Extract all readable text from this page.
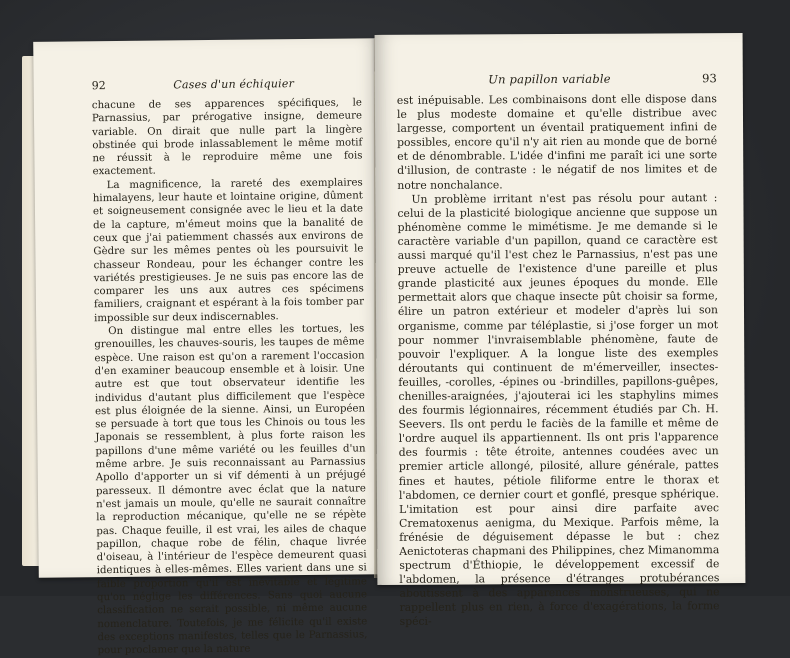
92	Cases d'un échiquier

chacune de ses apparences spécifiques, le Parnassius, par prérogative insigne, demeure variable. On dirait que nulle part la lingère obstinée qui brode inlassablement le même motif ne réussit à le reproduire même une fois exactement.

La magnificence, la rareté des exemplaires himalayens, leur haute et lointaine origine, dûment et soigneusement consignée avec le lieu et la date de la capture, m'émeut moins que la banalité de ceux que j'ai patiemment chassés aux environs de Gèdre sur les mêmes pentes où les poursuivit le chasseur Rondeau, pour les échanger contre les variétés prestigieuses. Je ne suis pas encore las de comparer les uns aux autres ces spécimens familiers, craignant et espérant à la fois tomber par impossible sur deux indiscernables.

On distingue mal entre elles les tortues, les grenouilles, les chauves-souris, les taupes de même espèce. Une raison est qu'on a rarement l'occasion d'en examiner beaucoup ensemble et à loisir. Une autre est que tout observateur identifie les individus d'autant plus difficilement que l'espèce est plus éloignée de la sienne. Ainsi, un Européen se persuade à tort que tous les Chinois ou tous les Japonais se ressemblent, à plus forte raison les papillons d'une même variété ou les feuilles d'un même arbre. Je suis reconnaissant au Parnassius Apollo d'apporter un si vif démenti à un préjugé paresseux. Il démontre avec éclat que la nature n'est jamais un moule, qu'elle ne saurait connaître la reproduction mécanique, qu'elle ne se répète pas. Chaque feuille, il est vrai, les ailes de chaque papillon, chaque robe de félin, chaque livrée d'oiseau, à l'intérieur de l'espèce demeurent quasi identiques à elles-mêmes. Elles varient dans une si faible proportion qu'il est inévitable et légitime qu'on néglige les différences. Sans quoi aucune classification ne serait possible, ni même aucune nomenclature. Toutefois, je me félicite qu'il existe des exceptions manifestes, telles que le Parnassius, pour proclamer que la nature

Un papillon variable	93

est inépuisable. Les combinaisons dont elle dispose dans le plus modeste domaine et qu'elle distribue avec largesse, comportent un éventail pratiquement infini de possibles, encore qu'il n'y ait rien au monde que de borné et de dénombrable. L'idée d'infini me paraît ici une sorte d'illusion, de contraste : le négatif de nos limites et de notre nonchalance.

Un problème irritant n'est pas résolu pour autant : celui de la plasticité biologique ancienne que suppose un phénomène comme le mimétisme. Je me demande si le caractère variable d'un papillon, quand ce caractère est aussi marqué qu'il l'est chez le Parnassius, n'est pas une preuve actuelle de l'existence d'une pareille et plus grande plasticité aux jeunes époques du monde. Elle permettait alors que chaque insecte pût choisir sa forme, élire un patron extérieur et modeler d'après lui son organisme, comme par téléplastie, si j'ose forger un mot pour nommer l'invraisemblable phénomène, faute de pouvoir l'expliquer. A la longue liste des exemples déroutants qui continuent de m'émerveiller, insectes-feuilles, -corolles, -épines ou -brindilles, papillons-guêpes, chenilles-araignées, j'ajouterai ici les staphylins mimes des fourmis légionnaires, récemment étudiés par Ch. H. Seevers. Ils ont perdu le faciès de la famille et même de l'ordre auquel ils appartiennent. Ils ont pris l'apparence des fourmis : tête étroite, antennes coudées avec un premier article allongé, pilosité, allure générale, pattes fines et hautes, pétiole filiforme entre le thorax et l'abdomen, ce dernier court et gonflé, presque sphérique. L'imitation est pour ainsi dire parfaite avec Crematoxenus aenigma, du Mexique. Parfois même, la frénésie de déguisement dépasse le but : chez Aenictoteras chapmani des Philippines, chez Mimanomma spectrum d'Éthiopie, le développement excessif de l'abdomen, la présence d'étranges protubérances aboutissent à des apparences monstrueuses, qui ne rappellent plus en rien, à force d'exagérations, la forme spéci-
